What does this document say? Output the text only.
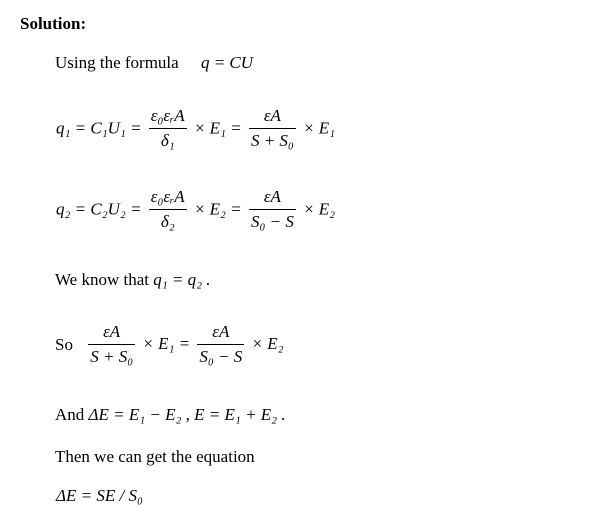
Solution:
Using the formula q = CU
$q_1 = C_1U_1 = \frac{\text{ε₀εᵣA}}{\text{δ₁}} \times E_1 = \frac{\varepsilon A}{\text{S + S₀}} \times E_1$
$q_2 = C_2U_2 = \frac{\text{ε₀εᵣA}}{\text{δ₂}} \times E_2 = \frac{\varepsilon A}{\text{S₀ − S}} \times E_2$
We know that q₁ = q₂ .
So $\frac{\varepsilon A}{\text{S + S₀}} \times E_1 = \frac{\varepsilon A}{\text{S₀ − S}} \times E_2$
And ΔE = E₁ − E₂ , E = E₁ + E₂ .
Then we can get the equation
ΔE = SE / S₀
